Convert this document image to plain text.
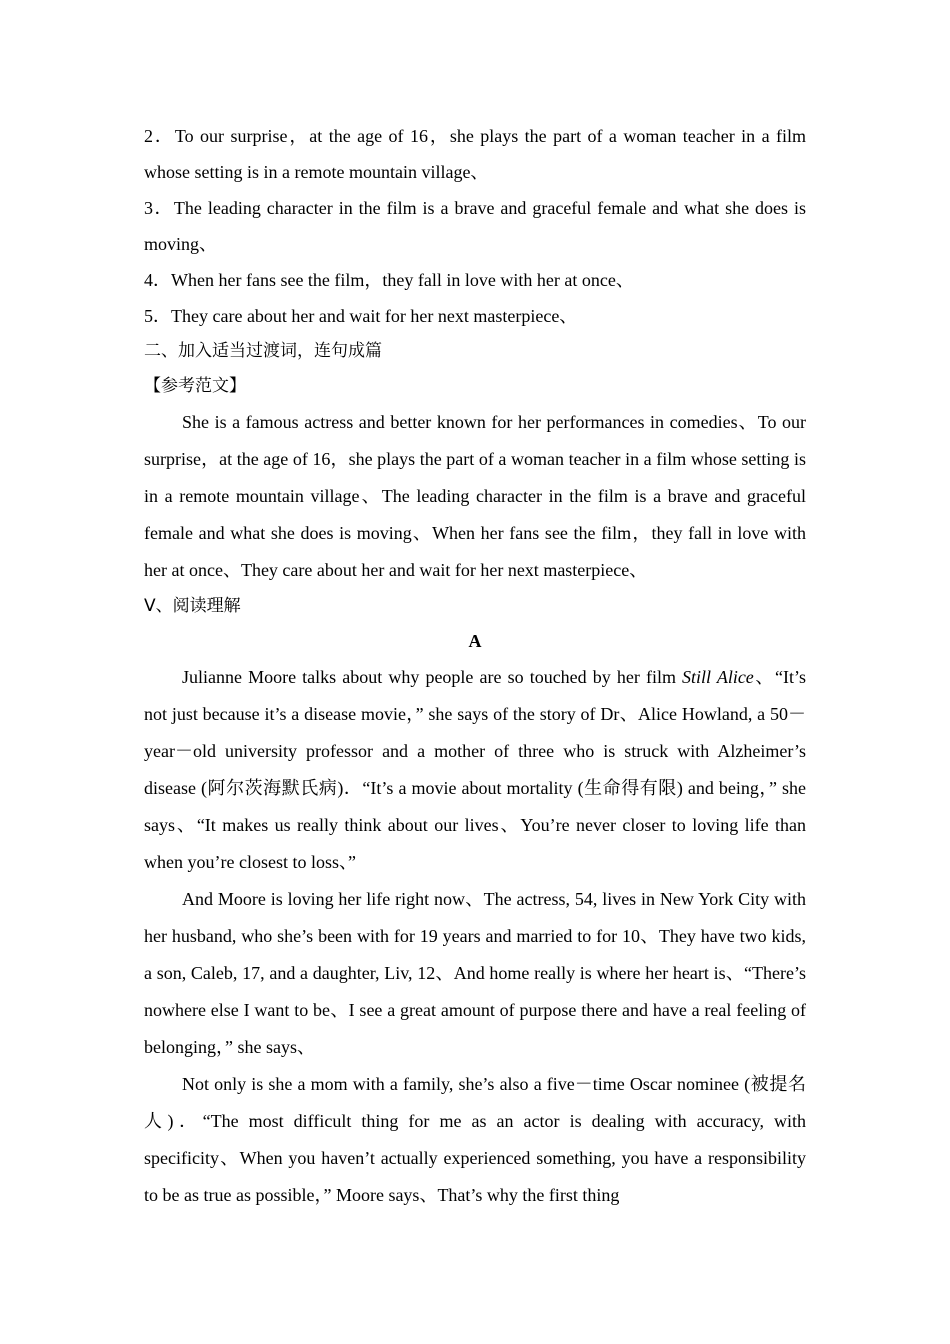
2．To our surprise，at the age of 16，she plays the part of a woman teacher in a film whose setting is in a remote mountain village、

3．The leading character in the film is a brave and graceful female and what she does is moving、

4．When her fans see the film，they fall in love with her at once、

5．They care about her and wait for her next masterpiece、

二、加入适当过渡词，连句成篇

【参考范文】

She is a famous actress and better known for her performances in comedies、To our surprise，at the age of 16，she plays the part of a woman teacher in a film whose setting is in a remote mountain village、The leading character in the film is a brave and graceful female and what she does is moving、When her fans see the film，they fall in love with her at once、They care about her and wait for her next masterpiece、

Ⅴ、阅读理解

A

Julianne Moore talks about why people are so touched by her film Still Alice、“It’s not just because it’s a disease movie，” she says of the story of Dr、Alice Howland, a 50－year－old university professor and a mother of three who is struck with Alzheimer’s disease (阿尔茨海默氏病)．“It’s a movie about mortality (生命得有限) and being，” she says、“It makes us really think about our lives、You’re never closer to loving life than when you’re closest to loss、”

And Moore is loving her life right now、The actress, 54, lives in New York City with her husband, who she’s been with for 19 years and married to for 10、They have two kids, a son, Caleb, 17, and a daughter, Liv, 12、And home really is where her heart is、“There’s nowhere else I want to be、I see a great amount of purpose there and have a real feeling of belonging，” she says、

Not only is she a mom with a family, she’s also a five－time Oscar nominee (被提名人)．“The most difficult thing for me as an actor is dealing with accuracy, with specificity、When you haven’t actually experienced something, you have a responsibility to be as true as possible，” Moore says、That’s why the first thing
